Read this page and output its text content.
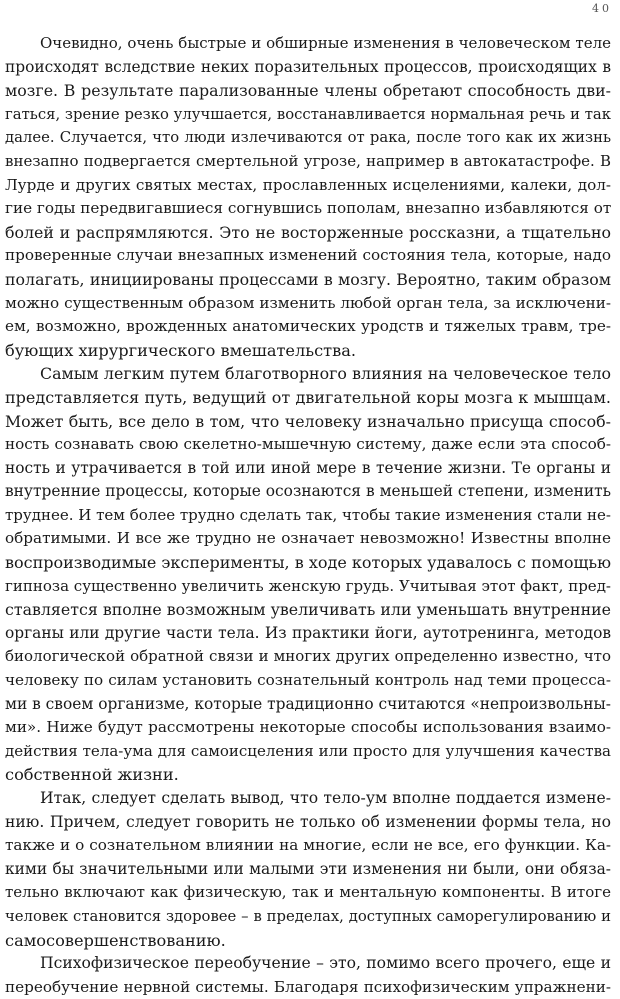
40
Очевидно, очень быстрые и обширные изменения в человеческом теле
происходят вследствие неких поразительных процессов, происходящих в
мозге. В результате парализованные члены обретают способность дви-
гаться, зрение резко улучшается, восстанавливается нормальная речь и так
далее. Случается, что люди излечиваются от рака, после того как их жизнь
внезапно подвергается смертельной угрозе, например в автокатастрофе. В
Лурде и других святых местах, прославленных исцелениями, калеки, дол-
гие годы передвигавшиеся согнувшись пополам, внезапно избавляются от
болей и распрямляются. Это не восторженные россказни, а тщательно
проверенные случаи внезапных изменений состояния тела, которые, надо
полагать, инициированы процессами в мозгу. Вероятно, таким образом
можно существенным образом изменить любой орган тела, за исключени-
ем, возможно, врожденных анатомических уродств и тяжелых травм, тре-
бующих хирургического вмешательства.
Самым легким путем благотворного влияния на человеческое тело
представляется путь, ведущий от двигательной коры мозга к мышцам.
Может быть, все дело в том, что человеку изначально присуща способ-
ность сознавать свою скелетно-мышечную систему, даже если эта способ-
ность и утрачивается в той или иной мере в течение жизни. Те органы и
внутренние процессы, которые осознаются в меньшей степени, изменить
труднее. И тем более трудно сделать так, чтобы такие изменения стали не-
обратимыми. И все же трудно не означает невозможно! Известны вполне
воспроизводимые эксперименты, в ходе которых удавалось с помощью
гипноза существенно увеличить женскую грудь. Учитывая этот факт, пред-
ставляется вполне возможным увеличивать или уменьшать внутренние
органы или другие части тела. Из практики йоги, аутотренинга, методов
биологической обратной связи и многих других определенно известно, что
человеку по силам установить сознательный контроль над теми процесса-
ми в своем организме, которые традиционно считаются «непроизвольны-
ми». Ниже будут рассмотрены некоторые способы использования взаимо-
действия тела-ума для самоисцеления или просто для улучшения качества
собственной жизни.
Итак, следует сделать вывод, что тело-ум вполне поддается измене-
нию. Причем, следует говорить не только об изменении формы тела, но
также и о сознательном влиянии на многие, если не все, его функции. Ка-
кими бы значительными или малыми эти изменения ни были, они обяза-
тельно включают как физическую, так и ментальную компоненты. В итоге
человек становится здоровее – в пределах, доступных саморегулированию и
самосовершенствованию.
Психофизическое переобучение – это, помимо всего прочего, еще и
переобучение нервной системы. Благодаря психофизическим упражнени-
